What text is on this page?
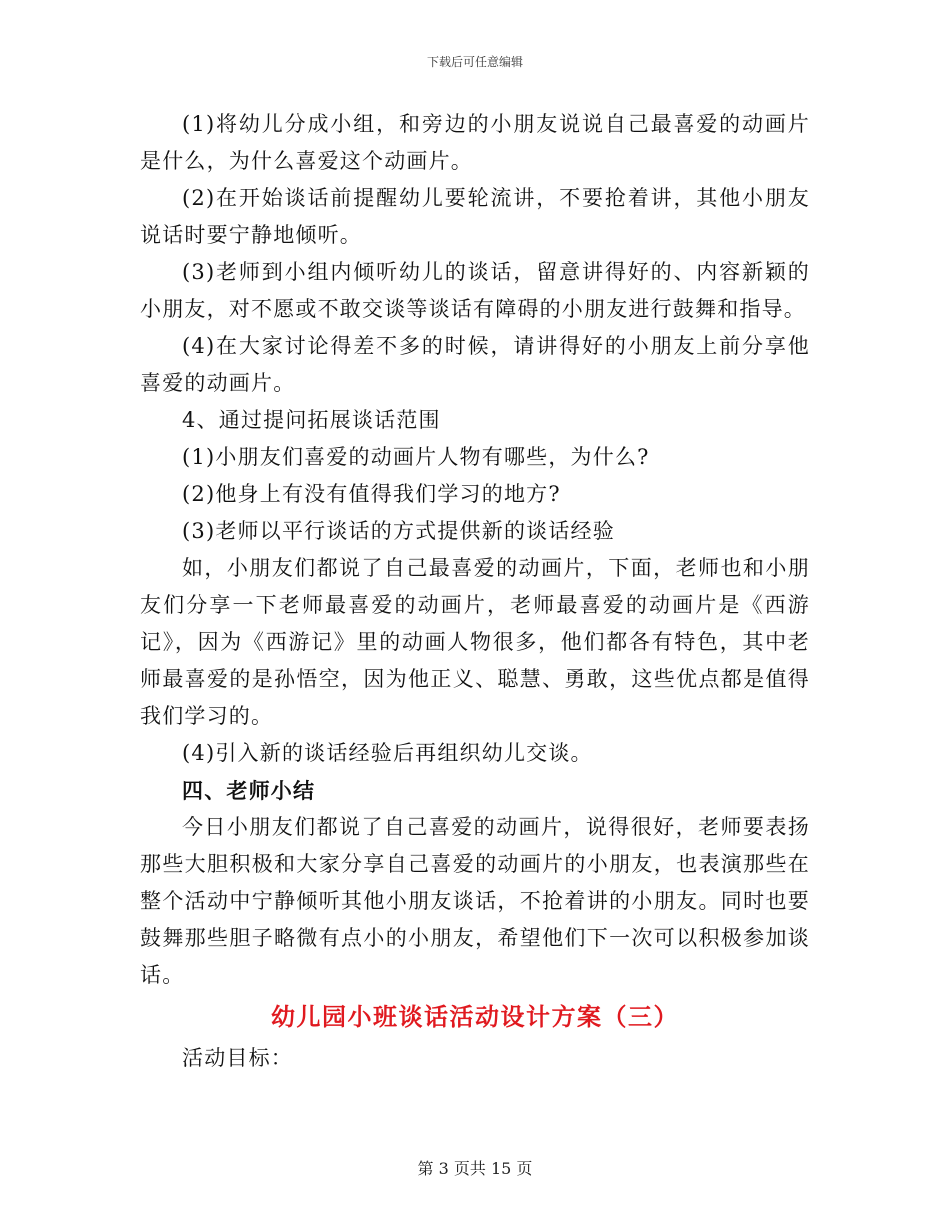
下载后可任意编辑

(1)将幼儿分成小组，和旁边的小朋友说说自己最喜爱的动画片是什么，为什么喜爱这个动画片。

(2)在开始谈话前提醒幼儿要轮流讲，不要抢着讲，其他小朋友说话时要宁静地倾听。

(3)老师到小组内倾听幼儿的谈话，留意讲得好的、内容新颖的小朋友，对不愿或不敢交谈等谈话有障碍的小朋友进行鼓舞和指导。

(4)在大家讨论得差不多的时候，请讲得好的小朋友上前分享他喜爱的动画片。

4、通过提问拓展谈话范围

(1)小朋友们喜爱的动画片人物有哪些，为什么?

(2)他身上有没有值得我们学习的地方?

(3)老师以平行谈话的方式提供新的谈话经验

如，小朋友们都说了自己最喜爱的动画片，下面，老师也和小朋友们分享一下老师最喜爱的动画片，老师最喜爱的动画片是《西游记》，因为《西游记》里的动画人物很多，他们都各有特色，其中老师最喜爱的是孙悟空，因为他正义、聪慧、勇敢，这些优点都是值得我们学习的。

(4)引入新的谈话经验后再组织幼儿交谈。

四、老师小结

今日小朋友们都说了自己喜爱的动画片，说得很好，老师要表扬那些大胆积极和大家分享自己喜爱的动画片的小朋友，也表演那些在整个活动中宁静倾听其他小朋友谈话，不抢着讲的小朋友。同时也要鼓舞那些胆子略微有点小的小朋友，希望他们下一次可以积极参加谈话。

幼儿园小班谈话活动设计方案（三）

活动目标：

第 3 页共 15 页
